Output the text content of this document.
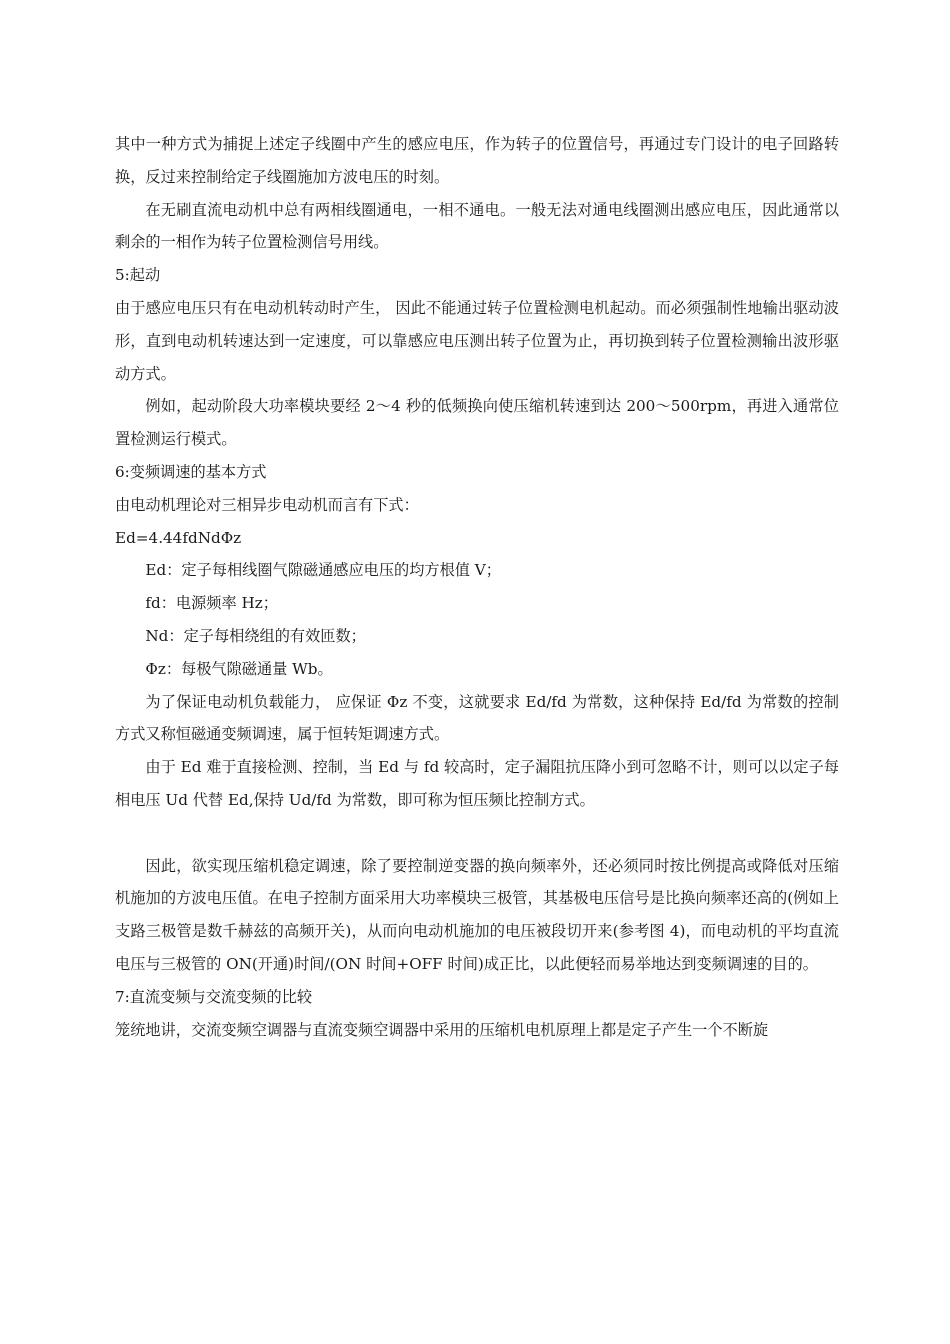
其中一种方式为捕捉上述定子线圈中产生的感应电压，作为转子的位置信号，再通过专门设计的电子回路转换，反过来控制给定子线圈施加方波电压的时刻。

在无刷直流电动机中总有两相线圈通电，一相不通电。一般无法对通电线圈测出感应电压，因此通常以剩余的一相作为转子位置检测信号用线。

5:起动

由于感应电压只有在电动机转动时产生， 因此不能通过转子位置检测电机起动。而必须强制性地输出驱动波形，直到电动机转速达到一定速度，可以靠感应电压测出转子位置为止，再切换到转子位置检测输出波形驱动方式。

例如，起动阶段大功率模块要经 2～4 秒的低频换向使压缩机转速到达 200～500rpm，再进入通常位置检测运行模式。

6:变频调速的基本方式

由电动机理论对三相异步电动机而言有下式：

Ed=4.44fdNdΦz

Ed：定子每相线圈气隙磁通感应电压的均方根值 V；

fd：电源频率 Hz；

Nd：定子每相绕组的有效匝数；

Φz：每极气隙磁通量 Wb。

为了保证电动机负载能力， 应保证 Φz 不变，这就要求 Ed/fd 为常数，这种保持 Ed/fd 为常数的控制方式又称恒磁通变频调速，属于恒转矩调速方式。

由于 Ed 难于直接检测、控制，当 Ed 与 fd 较高时，定子漏阻抗压降小到可忽略不计，则可以以定子每相电压 Ud 代替 Ed,保持 Ud/fd 为常数，即可称为恒压频比控制方式。

因此，欲实现压缩机稳定调速，除了要控制逆变器的换向频率外，还必须同时按比例提高或降低对压缩机施加的方波电压值。在电子控制方面采用大功率模块三极管，其基极电压信号是比换向频率还高的(例如上支路三极管是数千赫兹的高频开关)，从而向电动机施加的电压被段切开来(参考图 4)，而电动机的平均直流电压与三极管的 ON(开通)时间/(ON 时间+OFF 时间)成正比，以此便轻而易举地达到变频调速的目的。

7:直流变频与交流变频的比较

笼统地讲，交流变频空调器与直流变频空调器中采用的压缩机电机原理上都是定子产生一个不断旋
